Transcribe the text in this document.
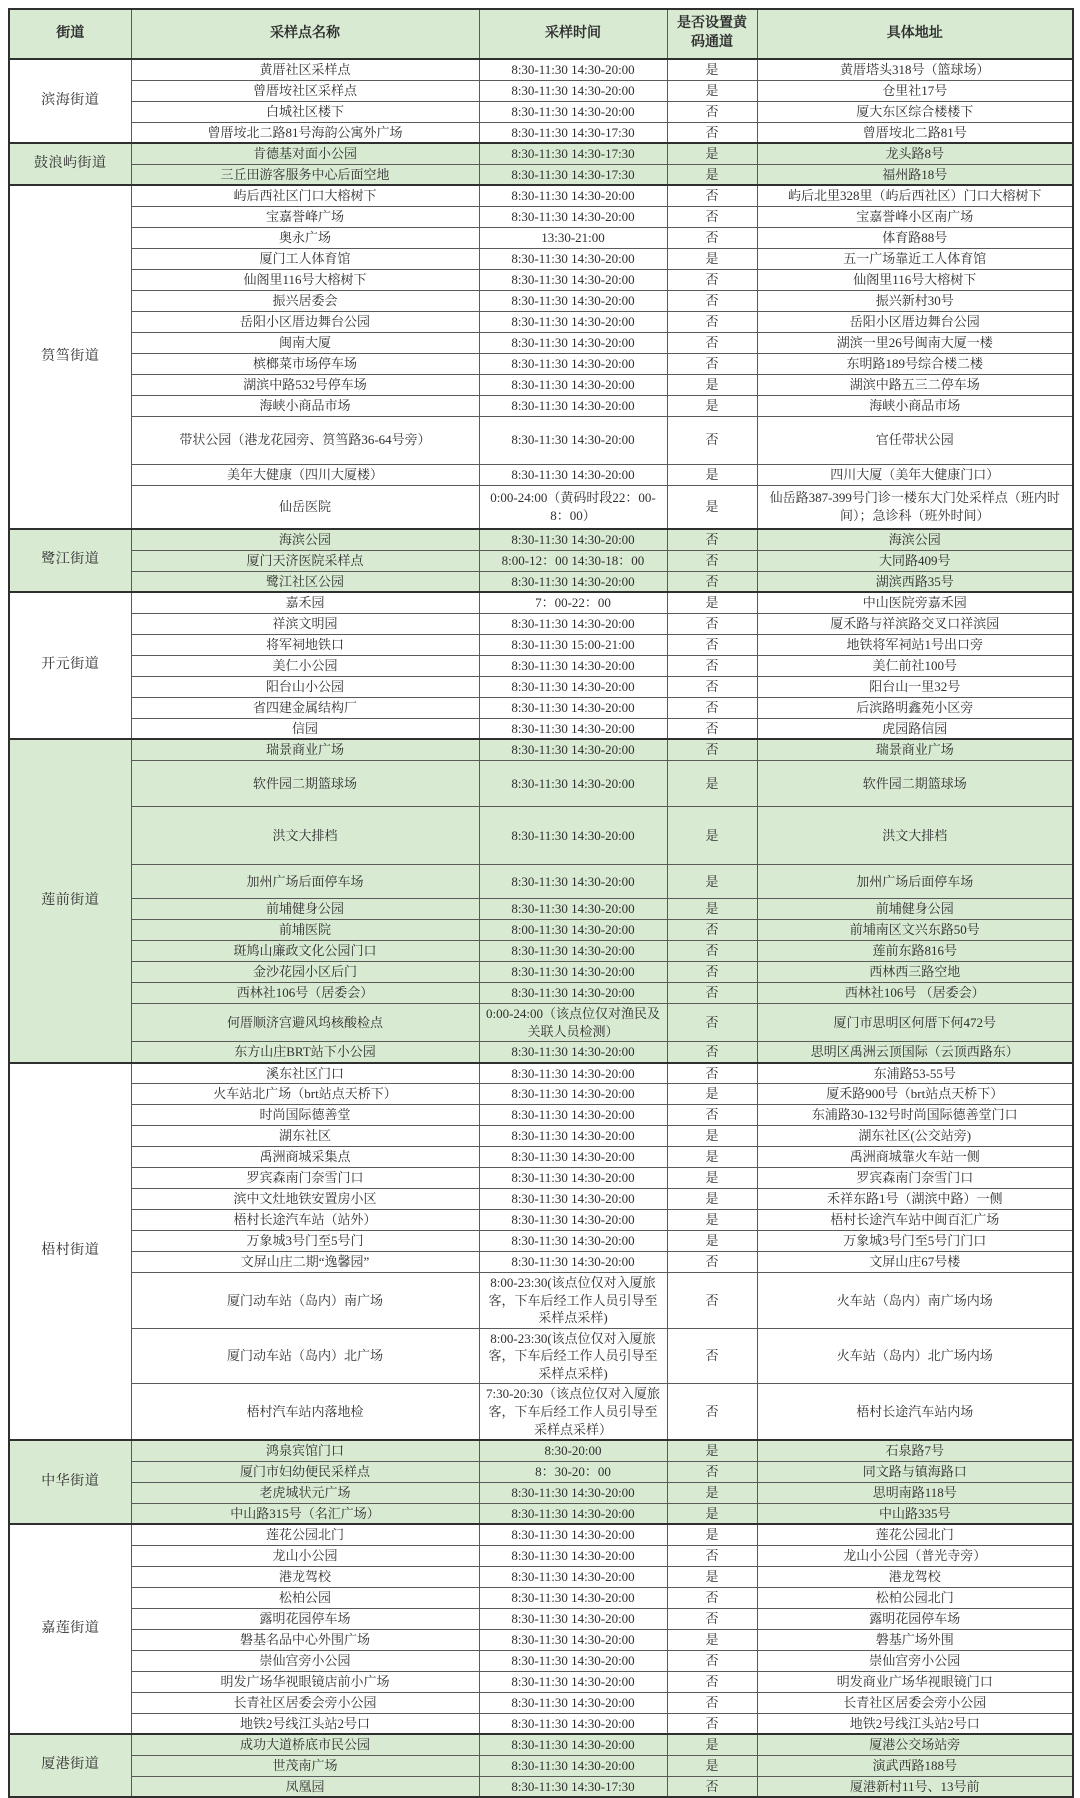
街道	采样点名称	采样时间	是否设置黄码通道	具体地址
滨海街道	黄厝社区采样点	8:30-11:30 14:30-20:00	是	黄厝塔头318号（篮球场）
	曾厝垵社区采样点	8:30-11:30 14:30-20:00	是	仓里社17号
	白城社区楼下	8:30-11:30 14:30-20:00	否	厦大东区综合楼楼下
	曾厝垵北二路81号海韵公寓外广场	8:30-11:30 14:30-17:30	否	曾厝垵北二路81号
鼓浪屿街道	肯德基对面小公园	8:30-11:30 14:30-17:30	是	龙头路8号
	三丘田游客服务中心后面空地	8:30-11:30 14:30-17:30	是	福州路18号
筼筜街道	屿后西社区门口大榕树下	8:30-11:30 14:30-20:00	否	屿后北里328里（屿后西社区）门口大榕树下
	宝嘉誉峰广场	8:30-11:30 14:30-20:00	否	宝嘉誉峰小区南广场
	奥永广场	13:30-21:00	否	体育路88号
	厦门工人体育馆	8:30-11:30 14:30-20:00	是	五一广场靠近工人体育馆
	仙阁里116号大榕树下	8:30-11:30 14:30-20:00	否	仙阁里116号大榕树下
	振兴居委会	8:30-11:30 14:30-20:00	否	振兴新村30号
	岳阳小区厝边舞台公园	8:30-11:30 14:30-20:00	否	岳阳小区厝边舞台公园
	闽南大厦	8:30-11:30 14:30-20:00	否	湖滨一里26号闽南大厦一楼
	槟榔菜市场停车场	8:30-11:30 14:30-20:00	否	东明路189号综合楼二楼
	湖滨中路532号停车场	8:30-11:30 14:30-20:00	是	湖滨中路五三二停车场
	海峡小商品市场	8:30-11:30 14:30-20:00	是	海峡小商品市场
	带状公园（港龙花园旁、筼筜路36-64号旁）	8:30-11:30 14:30-20:00	否	官任带状公园
	美年大健康（四川大厦楼）	8:30-11:30 14:30-20:00	是	四川大厦（美年大健康门口）
	仙岳医院	0:00-24:00（黄码时段22：00-8：00）	是	仙岳路387-399号门诊一楼东大门处采样点（班内时间）；急诊科（班外时间）
鹭江街道	海滨公园	8:30-11:30 14:30-20:00	否	海滨公园
	厦门天济医院采样点	8:00-12：00 14:30-18：00	否	大同路409号
	鹭江社区公园	8:30-11:30 14:30-20:00	否	湖滨西路35号
开元街道	嘉禾园	7：00-22：00	是	中山医院旁嘉禾园
	祥滨文明园	8:30-11:30 14:30-20:00	否	厦禾路与祥滨路交叉口祥滨园
	将军祠地铁口	8:30-11:30 15:00-21:00	否	地铁将军祠站1号出口旁
	美仁小公园	8:30-11:30 14:30-20:00	否	美仁前社100号
	阳台山小公园	8:30-11:30 14:30-20:00	否	阳台山一里32号
	省四建金属结构厂	8:30-11:30 14:30-20:00	否	后滨路明鑫苑小区旁
	信园	8:30-11:30 14:30-20:00	否	虎园路信园
莲前街道	瑞景商业广场	8:30-11:30 14:30-20:00	否	瑞景商业广场
	软件园二期篮球场	8:30-11:30 14:30-20:00	是	软件园二期篮球场
	洪文大排档	8:30-11:30 14:30-20:00	是	洪文大排档
	加州广场后面停车场	8:30-11:30 14:30-20:00	是	加州广场后面停车场
	前埔健身公园	8:30-11:30 14:30-20:00	是	前埔健身公园
	前埔医院	8:00-11:30 14:30-20:00	否	前埔南区文兴东路50号
	斑鸠山廉政文化公园门口	8:30-11:30 14:30-20:00	否	莲前东路816号
	金沙花园小区后门	8:30-11:30 14:30-20:00	否	西林西三路空地
	西林社106号（居委会）	8:30-11:30 14:30-20:00	否	西林社106号 （居委会）
	何厝顺济宫避风坞核酸检点	0:00-24:00（该点位仅对渔民及关联人员检测）	否	厦门市思明区何厝下何472号
	东方山庄BRT站下小公园	8:30-11:30 14:30-20:00	否	思明区禹洲云顶国际（云顶西路东）
梧村街道	溪东社区门口	8:30-11:30 14:30-20:00	否	东浦路53-55号
	火车站北广场（brt站点天桥下）	8:30-11:30 14:30-20:00	是	厦禾路900号（brt站点天桥下）
	时尚国际德善堂	8:30-11:30 14:30-20:00	否	东浦路30-132号时尚国际德善堂门口
	湖东社区	8:30-11:30 14:30-20:00	是	湖东社区(公交站旁)
	禹洲商城采集点	8:30-11:30 14:30-20:00	是	禹洲商城靠火车站一侧
	罗宾森南门奈雪门口	8:30-11:30 14:30-20:00	是	罗宾森南门奈雪门口
	滨中文灶地铁安置房小区	8:30-11:30 14:30-20:00	是	禾祥东路1号（湖滨中路）一侧
	梧村长途汽车站（站外）	8:30-11:30 14:30-20:00	是	梧村长途汽车站中闽百汇广场
	万象城3号门至5号门	8:30-11:30 14:30-20:00	是	万象城3号门至5号门门口
	文屏山庄二期“逸馨园”	8:30-11:30 14:30-20:00	否	文屏山庄67号楼
	厦门动车站（岛内）南广场	8:00-23:30(该点位仅对入厦旅客，下车后经工作人员引导至采样点采样)	否	火车站（岛内）南广场内场
	厦门动车站（岛内）北广场	8:00-23:30(该点位仅对入厦旅客，下车后经工作人员引导至采样点采样)	否	火车站（岛内）北广场内场
	梧村汽车站内落地检	7:30-20:30（该点位仅对入厦旅客，下车后经工作人员引导至采样点采样）	否	梧村长途汽车站内场
中华街道	鸿泉宾馆门口	8:30-20:00	是	石泉路7号
	厦门市妇幼便民采样点	8：30-20：00	否	同文路与镇海路口
	老虎城状元广场	8:30-11:30 14:30-20:00	是	思明南路118号
	中山路315号（名汇广场）	8:30-11:30 14:30-20:00	是	中山路335号
嘉莲街道	莲花公园北门	8:30-11:30 14:30-20:00	是	莲花公园北门
	龙山小公园	8:30-11:30 14:30-20:00	否	龙山小公园（普光寺旁）
	港龙驾校	8:30-11:30 14:30-20:00	是	港龙驾校
	松柏公园	8:30-11:30 14:30-20:00	否	松柏公园北门
	露明花园停车场	8:30-11:30 14:30-20:00	否	露明花园停车场
	磐基名品中心外围广场	8:30-11:30 14:30-20:00	是	磐基广场外围
	崇仙宫旁小公园	8:30-11:30 14:30-20:00	否	崇仙宫旁小公园
	明发广场华视眼镜店前小广场	8:30-11:30 14:30-20:00	否	明发商业广场华视眼镜门口
	长青社区居委会旁小公园	8:30-11:30 14:30-20:00	否	长青社区居委会旁小公园
	地铁2号线江头站2号口	8:30-11:30 14:30-20:00	否	地铁2号线江头站2号口
厦港街道	成功大道桥底市民公园	8:30-11:30 14:30-20:00	是	厦港公交场站旁
	世茂南广场	8:30-11:30 14:30-20:00	是	演武西路188号
	凤凰园	8:30-11:30 14:30-17:30	否	厦港新村11号、13号前
